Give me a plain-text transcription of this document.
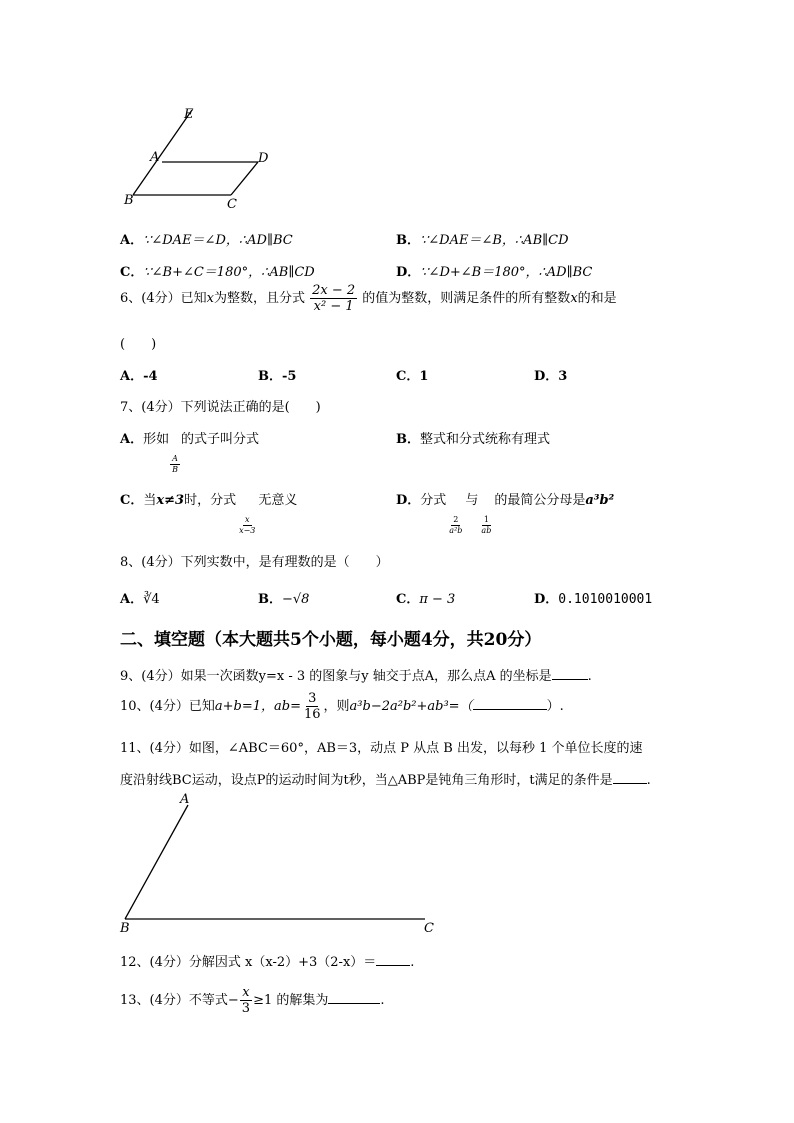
E
A	D
B	C
A．∵∠DAE＝∠D，∴AD∥BC	B．∵∠DAE＝∠B，∴AB∥CD
C．∵∠B+∠C＝180°，∴AB∥CD	D．∵∠D+∠B＝180°，∴AD∥BC
6、(4分）已知x为整数，且分式 $\frac{2x - 2}{\text{x² − 1}}$ 的值为整数，则满足条件的所有整数x的和是
(　　)
A．-4	B．-5	C．1	D．3
7、(4分）下列说法正确的是(　　)
A．形如
$\frac{A}{B}$
的式子叫分式	B．整式和分式统称有理式
C．当x≠3时，分式
$\frac{x}{x-3}$
无意义	D．分式
$\frac{2}{\text{a²b}}$
与
$\frac{1}{ab}$
的最简公分母是a³b²
8、(4分）下列实数中，是有理数的是（　　）
A．∛4	B．−√8	C．π − 3	D．0.1010010001
二、填空题（本大题共5个小题，每小题4分，共20分）
9、(4分）如果一次函数y=x - 3 的图象与y 轴交于点A，那么点A 的坐标是	.
10、(4分）已知a+b=1，$ab= \frac{3}{16}$ ，则a³b−2a²b²+ab³=（	）.
11、(4分）如图，∠ABC＝60°，AB＝3，动点 P 从点 B 出发，以每秒 1 个单位长度的速
度沿射线BC运动，设点P的运动时间为t秒，当△ABP是钝角三角形时，t满足的条件是	.
A
B	C
12、(4分）分解因式 x（x-2）+3（2-x）＝	.
13、(4分）不等式− $\frac{x}{3} \ge 1$ 的解集为	.
